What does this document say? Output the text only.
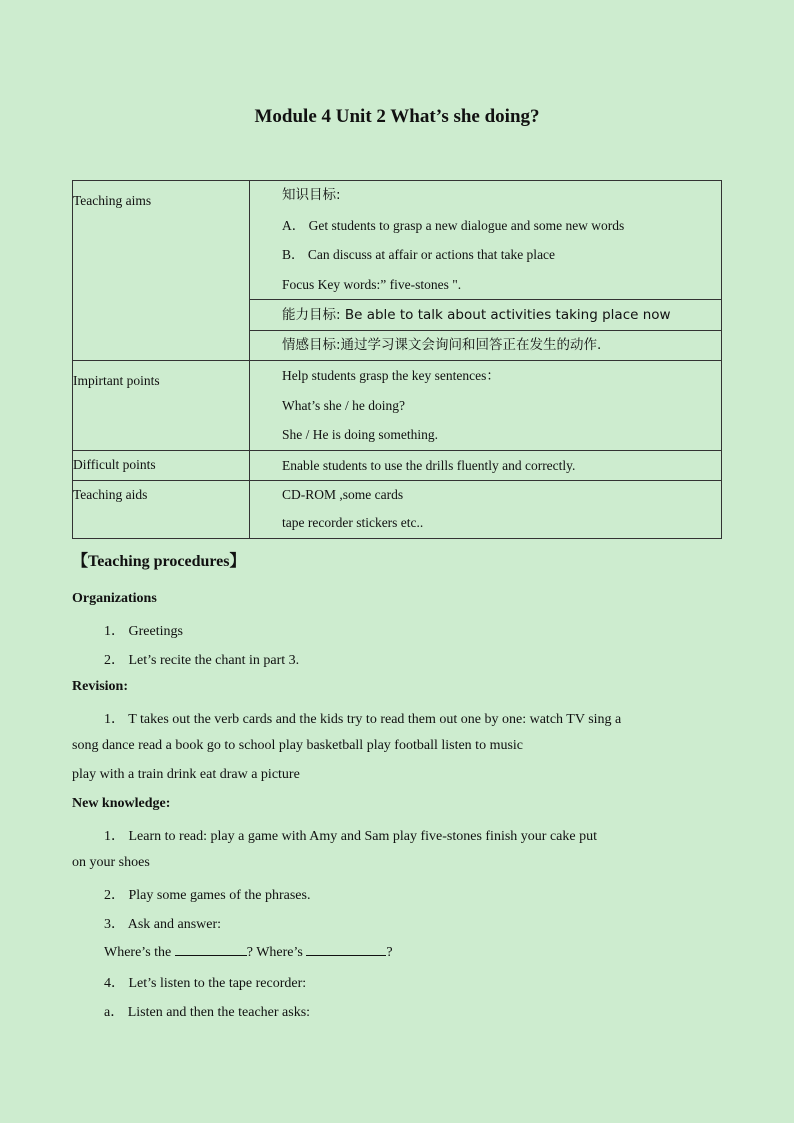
Module 4 Unit 2 What’s she doing?
Teaching aims	知识目标:
A． Get students to grasp a new dialogue and some new words
B． Can discuss at affair or actions that take place
Focus Key words:” five-stones ".

	能力目标: Be able to talk about activities taking place now

	情感目标:通过学习课文会询问和回答正在发生的动作.

Impirtant points	Help students grasp the key sentences：
What’s she / he doing?
She / He is doing something.

Difficult points	Enable students to use the drills fluently and correctly.

Teaching aids	CD-ROM ,some cards
tape recorder stickers etc..
【Teaching procedures】
Organizations
1． Greetings
2． Let’s recite the chant in part 3.
Revision:
1． T takes out the verb cards and the kids try to read them out one by one: watch TV sing a
song dance read a book go to school play basketball play football listen to music
play with a train drink eat draw a picture
New knowledge:
1． Learn to read: play a game with Amy and Sam play five-stones finish your cake put
on your shoes
2． Play some games of the phrases.
3． Ask and answer:
Where’s the	? Where’s	?
4． Let’s listen to the tape recorder:
a． Listen and then the teacher asks:
